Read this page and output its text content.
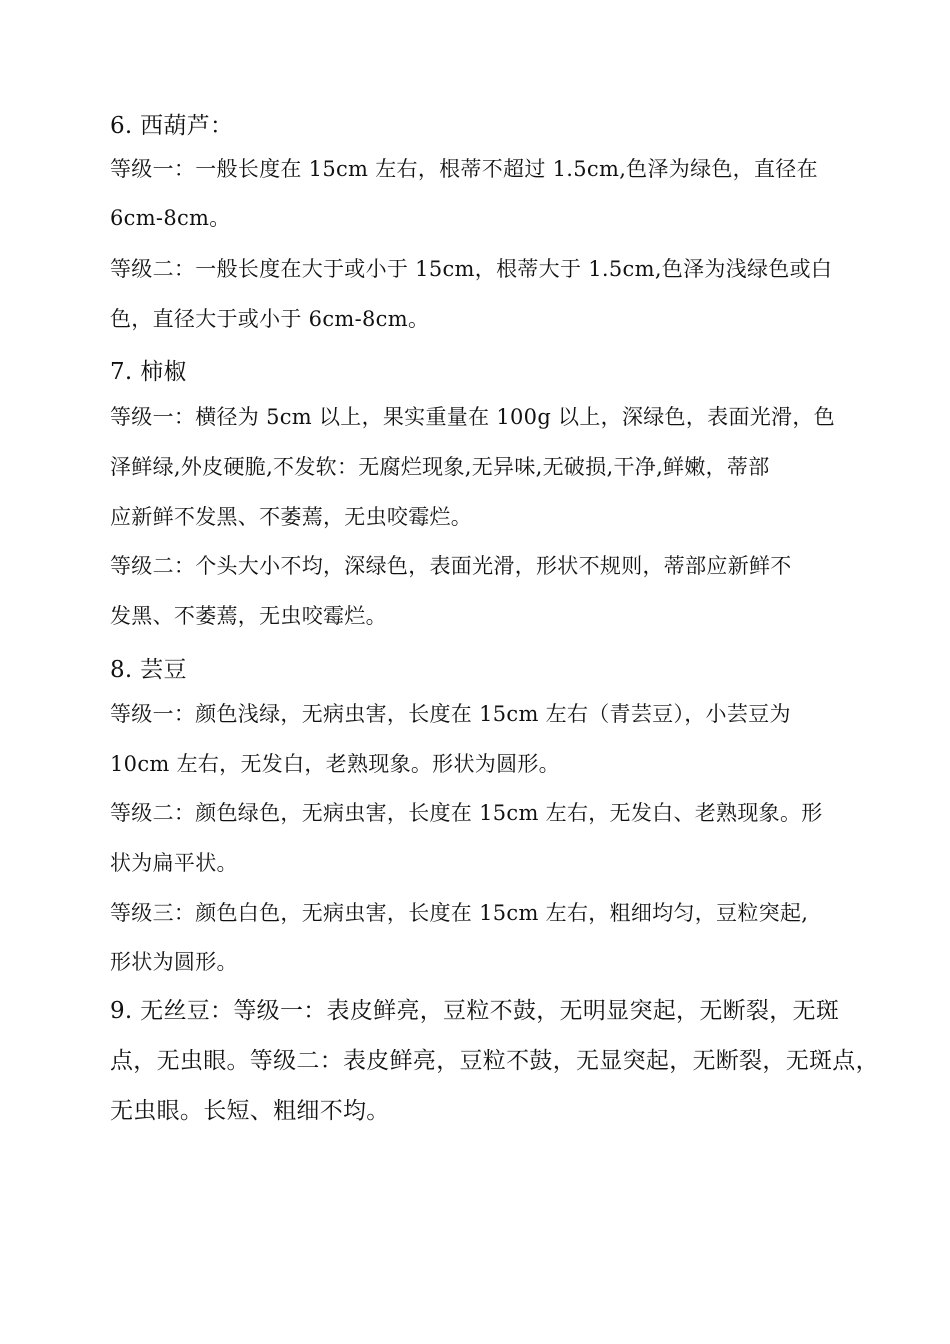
6. 西葫芦：
等级一：一般长度在 15cm 左右，根蒂不超过 1.5cm,色泽为绿色，直径在
6cm-8cm。
等级二：一般长度在大于或小于 15cm，根蒂大于 1.5cm,色泽为浅绿色或白
色，直径大于或小于 6cm-8cm。
7. 柿椒
等级一：横径为 5cm 以上，果实重量在 100g 以上，深绿色，表面光滑，色
泽鲜绿,外皮硬脆,不发软：无腐烂现象,无异味,无破损,干净,鲜嫩，蒂部
应新鲜不发黑、不萎蔫，无虫咬霉烂。
等级二：个头大小不均，深绿色，表面光滑，形状不规则，蒂部应新鲜不
发黑、不萎蔫，无虫咬霉烂。
8. 芸豆
等级一：颜色浅绿，无病虫害，长度在 15cm 左右（青芸豆），小芸豆为
10cm 左右，无发白，老熟现象。形状为圆形。
等级二：颜色绿色，无病虫害，长度在 15cm 左右，无发白、老熟现象。形
状为扁平状。
等级三：颜色白色，无病虫害，长度在 15cm 左右，粗细均匀，豆粒突起,
形状为圆形。
9. 无丝豆：等级一：表皮鲜亮，豆粒不鼓，无明显突起，无断裂，无斑
点，无虫眼。等级二：表皮鲜亮，豆粒不鼓，无显突起，无断裂，无斑点，
无虫眼。长短、粗细不均。
